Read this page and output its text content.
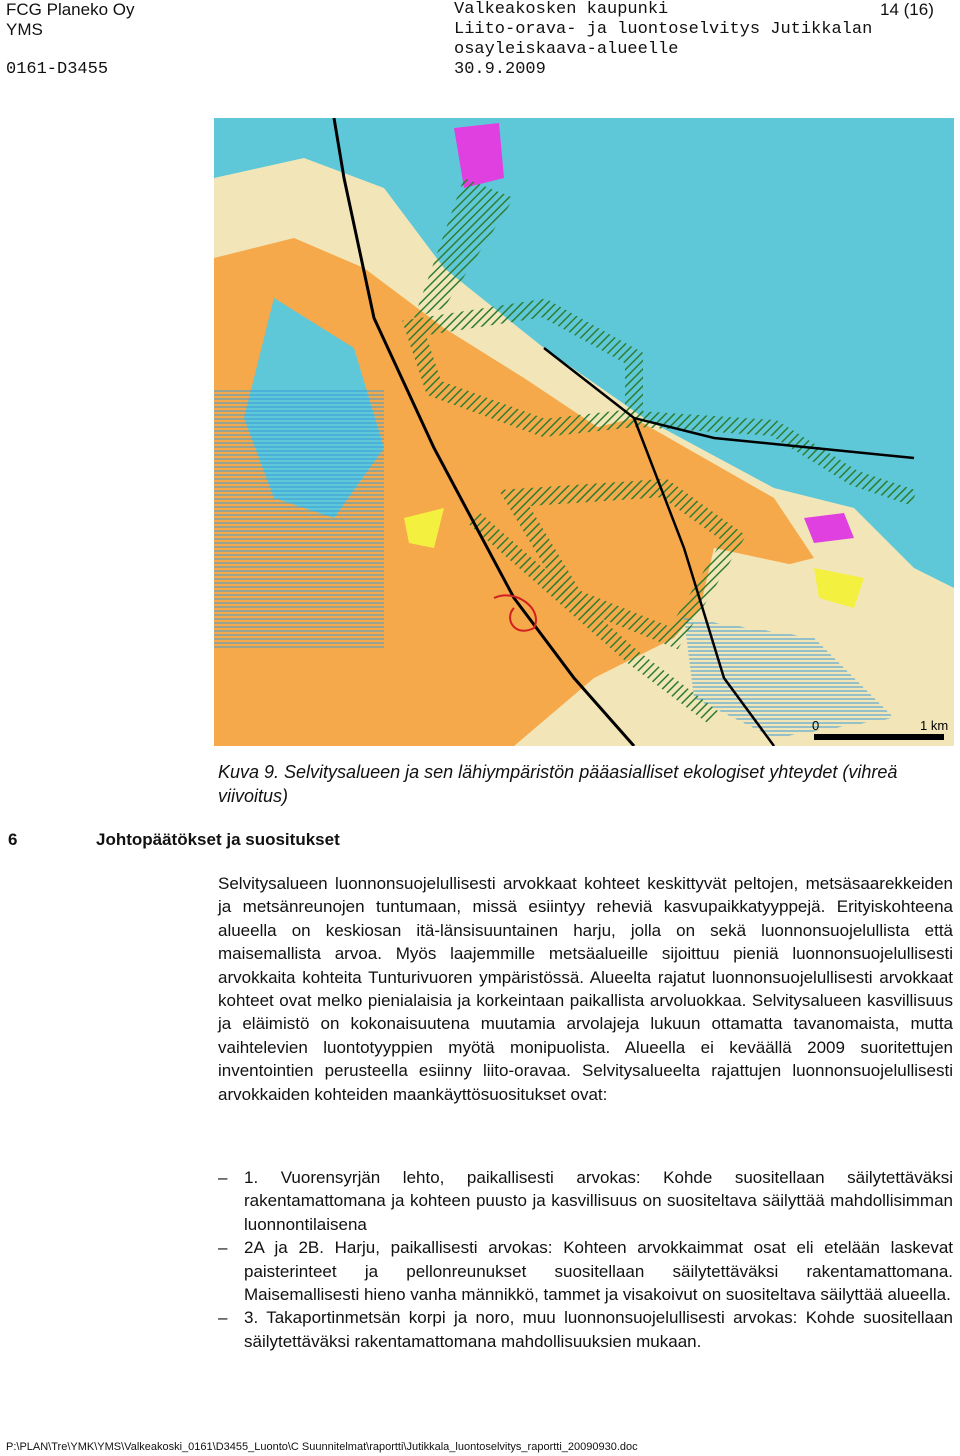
FCG Planeko Oy	Valkeakosken kaupunki	14 (16)
YMS	Liito-orava- ja luontoselvitys Jutikkalan
osayleiskaava-alueelle
0161-D3455	30.9.2009
0	1 km
Kuva 9. Selvitysalueen ja sen lähiympäristön pääasialliset ekologiset yhteydet (vihreä viivoitus)
6	Johtopäätökset ja suositukset
Selvitysalueen luonnonsuojelullisesti arvokkaat kohteet keskittyvät peltojen, metsäsaarekkeiden ja metsänreunojen tuntumaan, missä esiintyy reheviä kasvupaikkatyyppejä. Erityiskohteena alueella on keskiosan itä-länsisuuntainen harju, jolla on sekä luonnonsuojelullista että maisemallista arvoa. Myös laajemmille metsäalueille sijoittuu pieniä luonnonsuojelullisesti arvokkaita kohteita Tunturivuoren ympäristössä. Alueelta rajatut luonnonsuojelullisesti arvokkaat kohteet ovat melko pienialaisia ja korkeintaan paikallista arvoluokkaa. Selvitysalueen kasvillisuus ja eläimistö on kokonaisuutena muutamia arvolajeja lukuun ottamatta tavanomaista, mutta vaihtelevien luontotyyppien myötä monipuolista. Alueella ei keväällä 2009 suoritettujen inventointien perusteella esiinny liito-oravaa. Selvitysalueelta rajattujen luonnonsuojelullisesti arvokkaiden kohteiden maankäyttösuositukset ovat:
– 1. Vuorensyrjän lehto, paikallisesti arvokas: Kohde suositellaan säilytettäväksi rakentamattomana ja kohteen puusto ja kasvillisuus on suositeltava säilyttää mahdollisimman luonnontilaisena
– 2A ja 2B. Harju, paikallisesti arvokas: Kohteen arvokkaimmat osat eli etelään laskevat paisterinteet ja pellonreunukset suositellaan säilytettäväksi rakentamattomana. Maisemallisesti hieno vanha männikkö, tammet ja visakoivut on suositeltava säilyttää alueella.
– 3. Takaportinmetsän korpi ja noro, muu luonnonsuojelullisesti arvokas: Kohde suositellaan säilytettäväksi rakentamattomana mahdollisuuksien mukaan.
P:\PLAN\Tre\YMK\YMS\Valkeakoski_0161\D3455_Luonto\C Suunnitelmat\raportti\Jutikkala_luontoselvitys_raportti_20090930.doc
